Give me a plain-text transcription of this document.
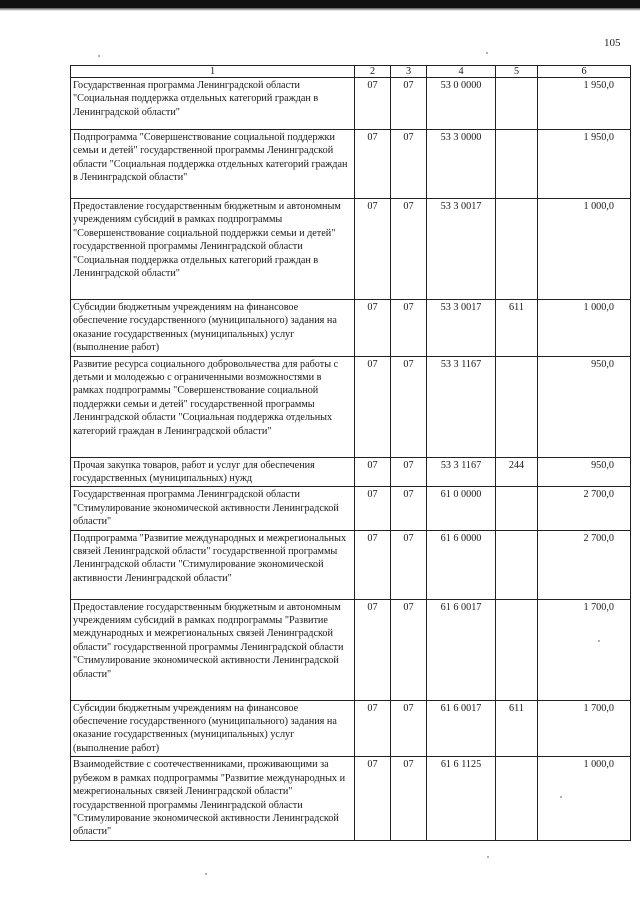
105
1	2	3	4	5	6
Государственная программа Ленинградской области "Социальная поддержка отдельных категорий граждан в Ленинградской области"	07	07	53 0 0000		1 950,0
Подпрограмма "Совершенствование социальной поддержки семьи и детей" государственной программы Ленинградской области "Социальная поддержка отдельных категорий граждан в Ленинградской области"	07	07	53 3 0000		1 950,0
Предоставление государственным бюджетным и автономным учреждениям субсидий в рамках подпрограммы "Совершенствование социальной поддержки семьи и детей" государственной программы Ленинградской области "Социальная поддержка отдельных категорий граждан в Ленинградской области"	07	07	53 3 0017		1 000,0
Субсидии бюджетным учреждениям на финансовое обеспечение государственного (муниципального) задания на оказание государственных (муниципальных) услуг (выполнение работ)	07	07	53 3 0017	611	1 000,0
Развитие ресурса социального добровольчества для работы с детьми и молодежью с ограниченными возможностями в рамках подпрограммы "Совершенствование социальной поддержки семьи и детей" государственной программы Ленинградской области "Социальная поддержка отдельных категорий граждан в Ленинградской области"	07	07	53 3 1167		950,0
Прочая закупка товаров, работ и услуг для обеспечения государственных (муниципальных) нужд	07	07	53 3 1167	244	950,0
Государственная программа Ленинградской области "Стимулирование экономической активности Ленинградской области"	07	07	61 0 0000		2 700,0
Подпрограмма "Развитие международных и межрегиональных связей Ленинградской области" государственной программы Ленинградской области "Стимулирование экономической активности Ленинградской области"	07	07	61 6 0000		2 700,0
Предоставление государственным бюджетным и автономным учреждениям субсидий в рамках подпрограммы "Развитие международных и межрегиональных связей Ленинградской области" государственной программы Ленинградской области "Стимулирование экономической активности Ленинградской области"	07	07	61 6 0017		1 700,0
Субсидии бюджетным учреждениям на финансовое обеспечение государственного (муниципального) задания на оказание государственных (муниципальных) услуг (выполнение работ)	07	07	61 6 0017	611	1 700,0
Взаимодействие с соотечественниками, проживающими за рубежом в рамках подпрограммы "Развитие международных и межрегиональных связей Ленинградской области" государственной программы Ленинградской области "Стимулирование экономической активности Ленинградской области"	07	07	61 6 1125		1 000,0
